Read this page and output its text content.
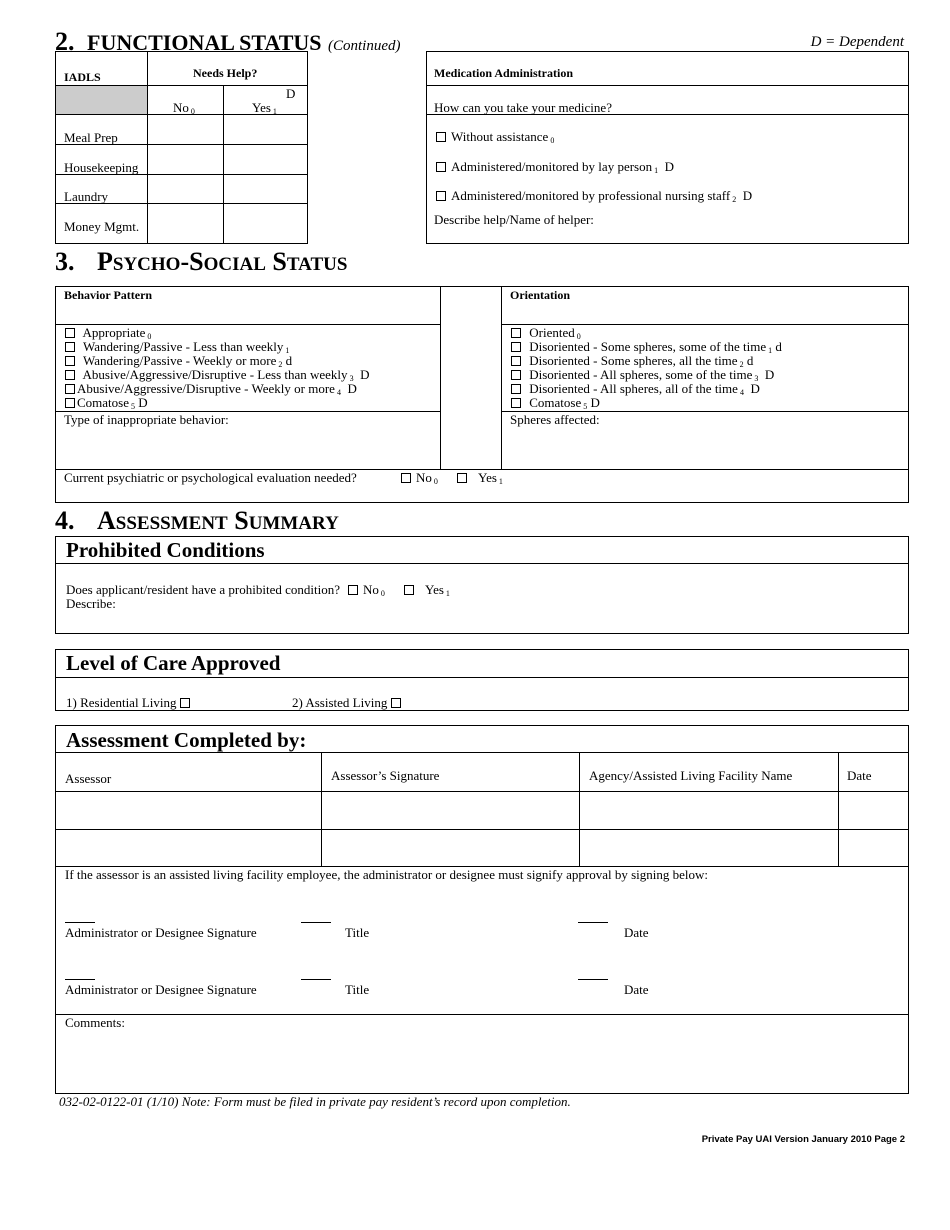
2. FUNCTIONAL STATUS (Continued)	D = Dependent
IADLS	Needs Help?
D
No $_0$	Yes $_1$
Meal Prep
Housekeeping
Laundry
Money Mgmt.
Medication Administration
How can you take your medicine?
Without assistance $_0$
Administered/monitored by lay person $_1$ D
Administered/monitored by professional nursing staff $_2$ D
Describe help/Name of helper:
3. PSYCHO-SOCIAL STATUS
Behavior Pattern
Appropriate $_0$
Wandering/Passive - Less than weekly $_1$
Wandering/Passive - Weekly or more $_2$ d
Abusive/Aggressive/Disruptive - Less than weekly $_3$ D
Abusive/Aggressive/Disruptive - Weekly or more $_4$ D
Comatose $_5$ D
Type of inappropriate behavior:
Orientation
Oriented $_0$
Disoriented - Some spheres, some of the time $_1$ d
Disoriented - Some spheres, all the time $_2$ d
Disoriented - All spheres, some of the time $_3$ D
Disoriented - All spheres, all of the time $_4$ D
Comatose $_5$ D
Spheres affected:
Current psychiatric or psychological evaluation needed?	No $_0$	Yes $_1$
4. ASSESSMENT SUMMARY
Prohibited Conditions
Does applicant/resident have a prohibited condition?	No $_0$	Yes $_1$
Describe:
Level of Care Approved
1) Residential Living	2) Assisted Living
Assessment Completed by:
Assessor	Assessor’s Signature	Agency/Assisted Living Facility Name	Date
If the assessor is an assisted living facility employee, the administrator or designee must signify approval by signing below:
Administrator or Designee Signature	Title	Date
Administrator or Designee Signature	Title	Date
Comments:
032-02-0122-01 (1/10) Note: Form must be filed in private pay resident’s record upon completion.
Private Pay UAI Version January 2010 Page 2
